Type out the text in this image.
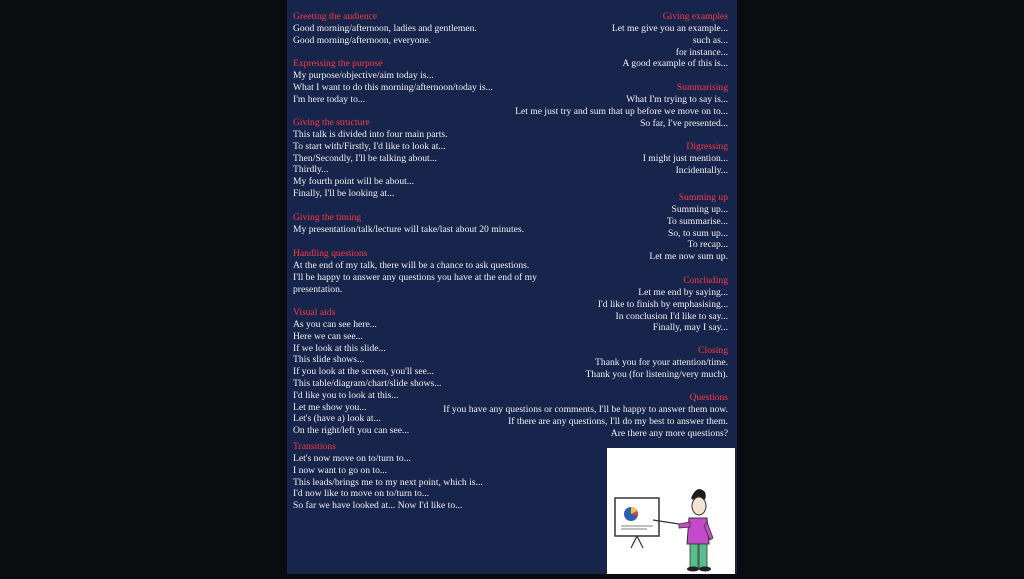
Greeting the audience
Good morning/afternoon, ladies and gentlemen.
Good morning/afternoon, everyone.
Expressing the purpose
My purpose/objective/aim today is...
What I want to do this morning/afternoon/today is...
I'm here today to...
Giving the structure
This talk is divided into four main parts.
To start with/Firstly, I'd like to look at...
Then/Secondly, I'll be talking about...
Thirdly...
My fourth point will be about...
Finally, I'll be looking at...
Giving the timing
My presentation/talk/lecture will take/last about 20 minutes.
Handling questions
At the end of my talk, there will be a chance to ask questions.
I'll be happy to answer any questions you have at the end of my
presentation.
Visual aids
As you can see here...
Here we can see...
If we look at this slide...
This slide shows...
If you look at the screen, you'll see...
This table/diagram/chart/slide shows...
I'd like you to look at this...
Let me show you...
Let's (have a) look at...
On the right/left you can see...
Transitions
Let's now move on to/turn to...
I now want to go on to...
This leads/brings me to my next point, which is...
I'd now like to move on to/turn to...
So far we have looked at... Now I'd like to...
Giving examples
Let me give you an example...
such as...
for instance...
A good example of this is...
Summarising
What I'm trying to say is...
Let me just try and sum that up before we move on to...
So far, I've presented...
Digressing
I might just mention...
Incidentally...
Summing up
Summing up...
To summarise...
So, to sum up...
To recap...
Let me now sum up.
Concluding
Let me end by saying...
I'd like to finish by emphasising...
In conclusion I'd like to say...
Finally, may I say...
Closing
Thank you for your attention/time.
Thank you (for listening/very much).
Questions
If you have any questions or comments, I'll be happy to answer them now.
If there are any questions, I'll do my best to answer them.
Are there any more questions?
